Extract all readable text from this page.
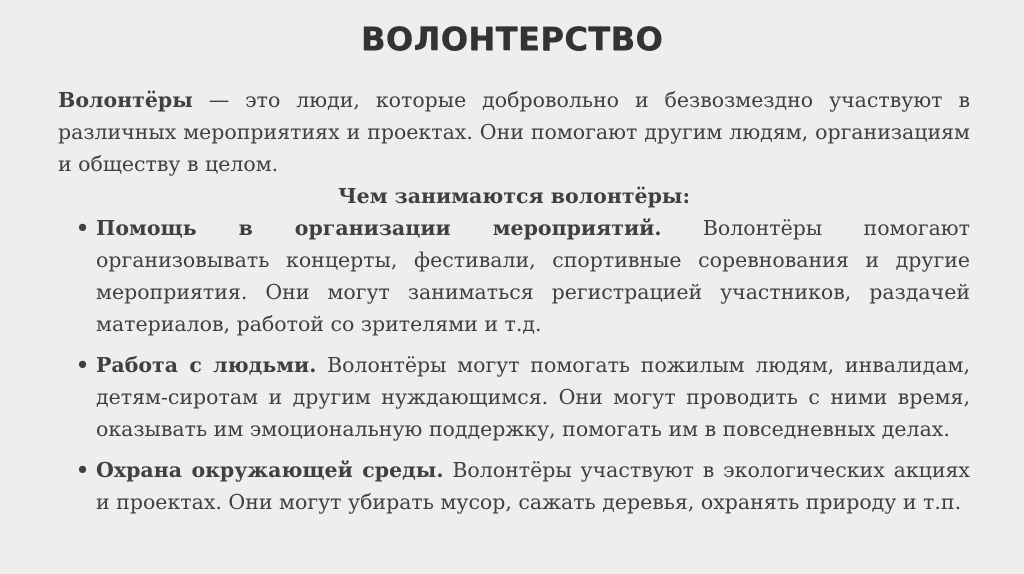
ВОЛОНТЕРСТВО

Волонтёры — это люди, которые добровольно и безвозмездно участвуют в различных мероприятиях и проектах. Они помогают другим людям, организациям и обществу в целом.

Чем занимаются волонтёры:

• Помощь в организации мероприятий. Волонтёры помогают организовывать концерты, фестивали, спортивные соревнования и другие мероприятия. Они могут заниматься регистрацией участников, раздачей материалов, работой со зрителями и т.д.
• Работа с людьми. Волонтёры могут помогать пожилым людям, инвалидам, детям-сиротам и другим нуждающимся. Они могут проводить с ними время, оказывать им эмоциональную поддержку, помогать им в повседневных делах.
• Охрана окружающей среды. Волонтёры участвуют в экологических акциях и проектах. Они могут убирать мусор, сажать деревья, охранять природу и т.п.
